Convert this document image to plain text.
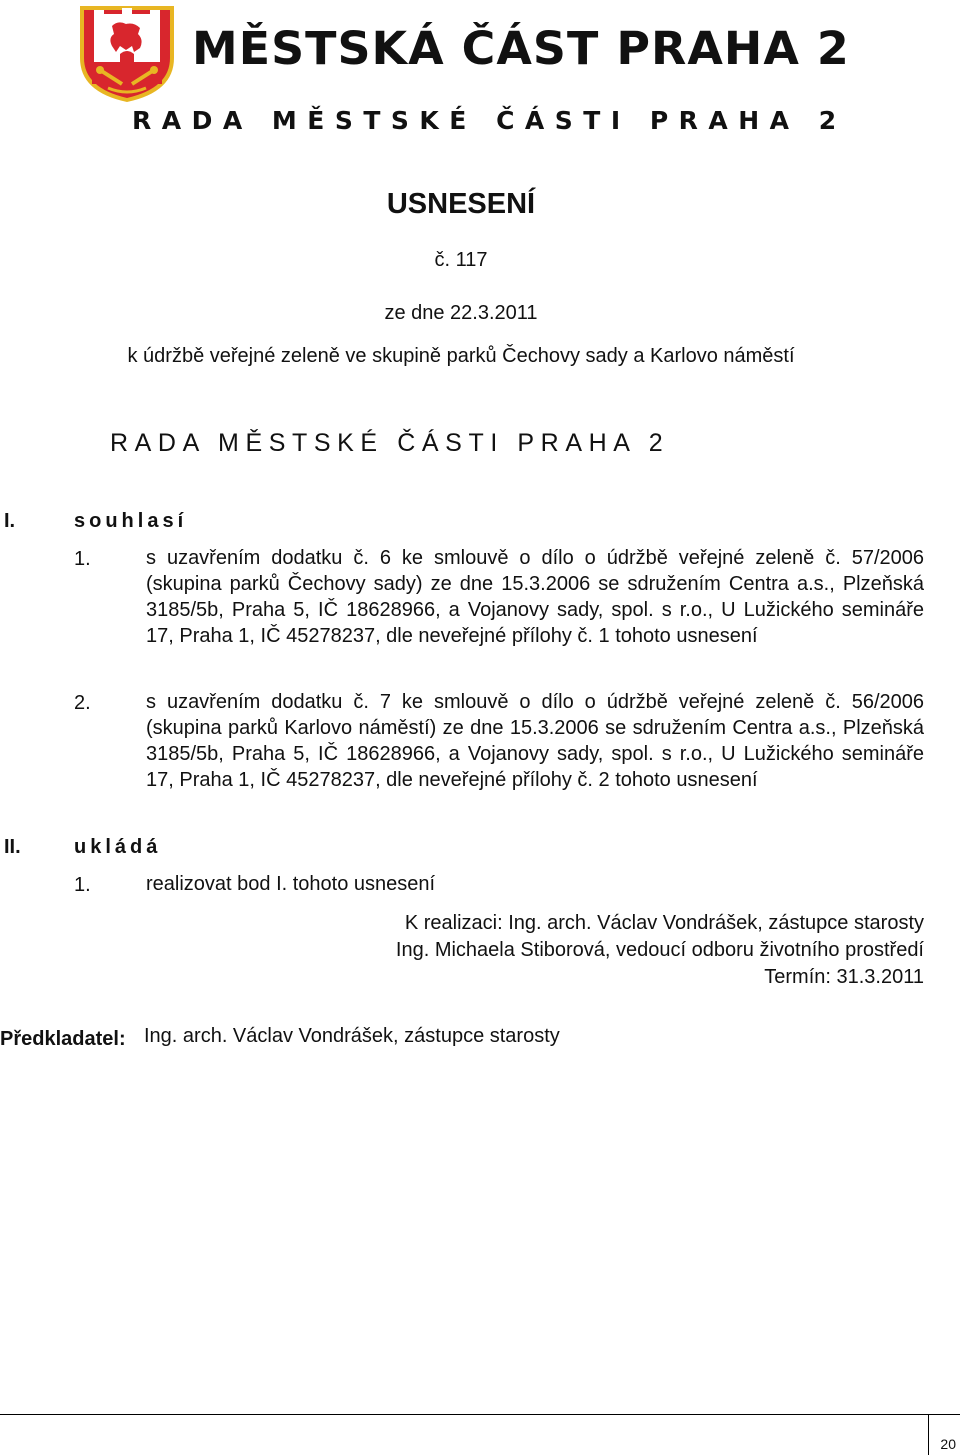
MĚSTSKÁ ČÁST PRAHA 2
RADA MĚSTSKÉ ČÁSTI PRAHA 2
USNESENÍ
č. 117
ze dne 22.3.2011
k údržbě veřejné zeleně ve skupině parků Čechovy sady a Karlovo náměstí
RADA MĚSTSKÉ ČÁSTI PRAHA 2
I.	souhlasí
1.	s uzavřením dodatku č. 6 ke smlouvě o dílo o údržbě veřejné zeleně č. 57/2006 (skupina parků Čechovy sady) ze dne 15.3.2006 se sdružením Centra a.s., Plzeňská 3185/5b, Praha 5, IČ 18628966, a Vojanovy sady, spol. s r.o., U Lužického semináře 17, Praha 1, IČ 45278237, dle neveřejné přílohy č. 1 tohoto usnesení
2.	s uzavřením dodatku č. 7 ke smlouvě o dílo o údržbě veřejné zeleně č. 56/2006 (skupina parků Karlovo náměstí) ze dne 15.3.2006 se sdružením Centra a.s., Plzeňská 3185/5b, Praha 5, IČ 18628966, a Vojanovy sady, spol. s r.o., U Lužického semináře 17, Praha 1, IČ 45278237, dle neveřejné přílohy č. 2 tohoto usnesení
II.	ukládá
1.	realizovat bod I. tohoto usnesení
K realizaci: Ing. arch. Václav Vondrášek, zástupce starosty
Ing. Michaela Stiborová, vedoucí odboru životního prostředí
Termín: 31.3.2011
Předkladatel: Ing. arch. Václav Vondrášek, zástupce starosty
20
